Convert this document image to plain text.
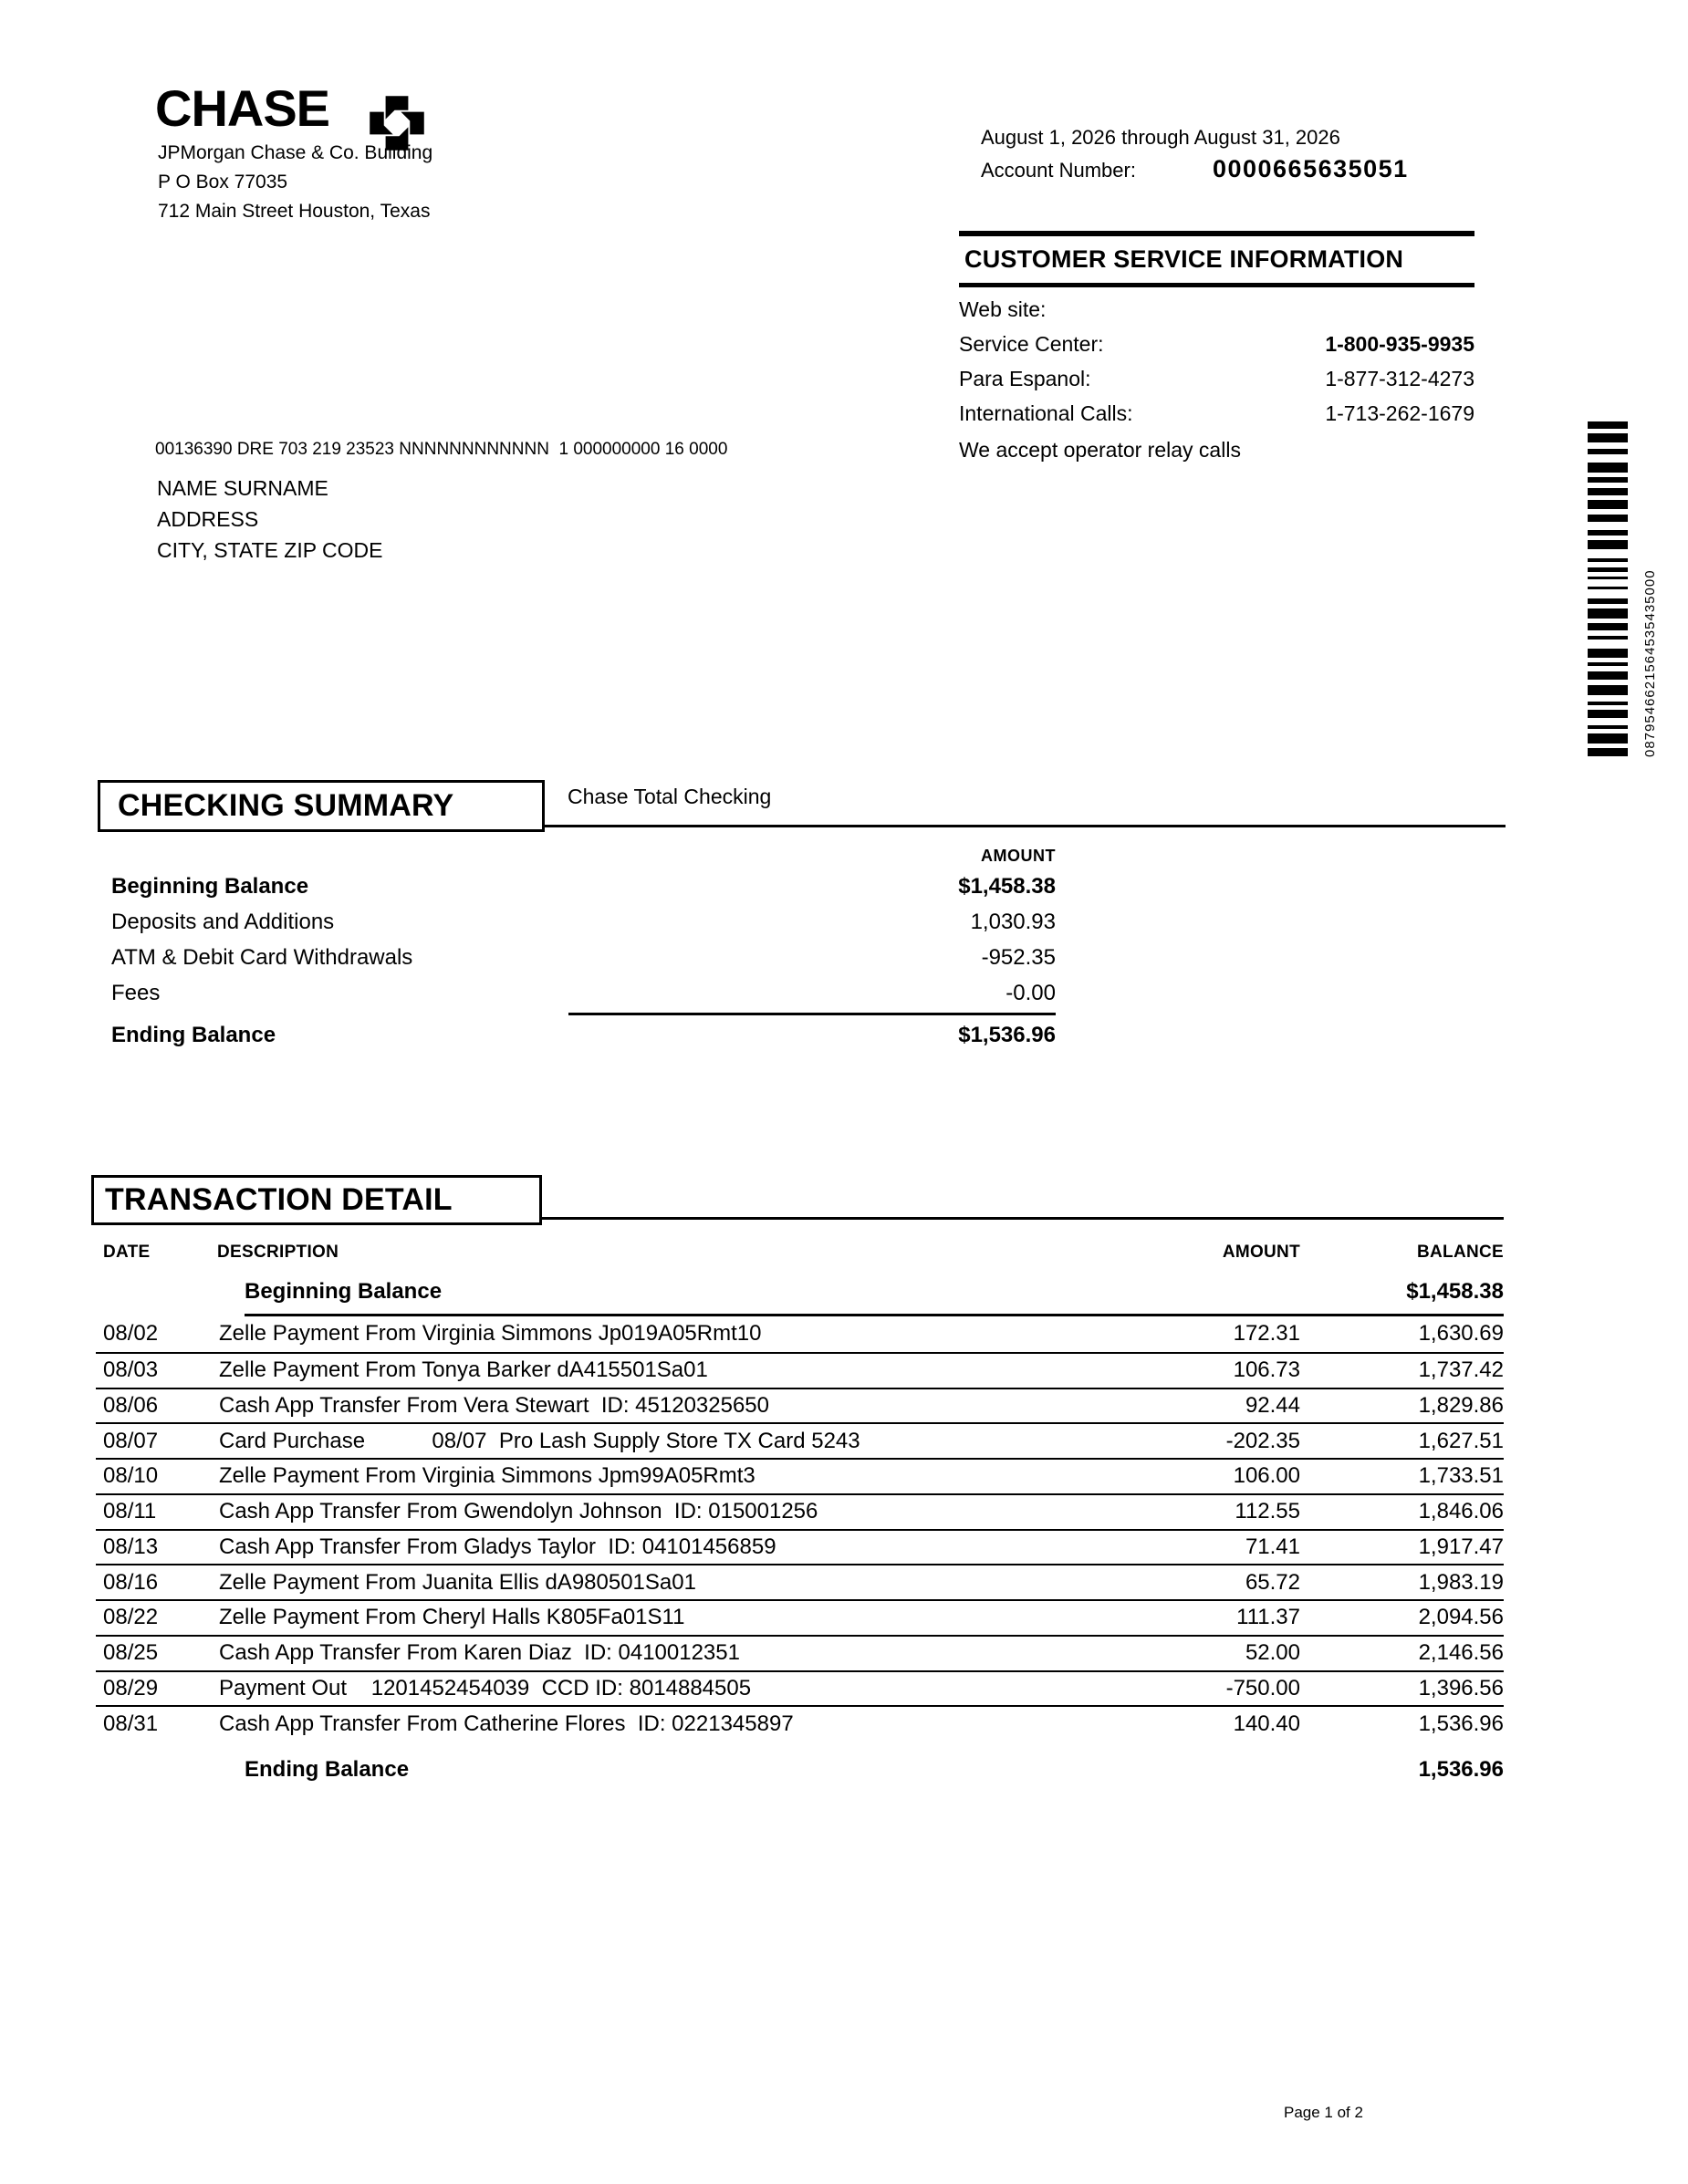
CHASE
JPMorgan Chase & Co. Building
P O Box 77035
712 Main Street Houston, Texas
August 1, 2026 through August 31, 2026
Account Number:	0000665635051
CUSTOMER SERVICE INFORMATION
Web site:
Service Center:	1-800-935-9935
Para Espanol:	1-877-312-4273
International Calls:	1-713-262-1679
We accept operator relay calls
00136390 DRE 703 219 23523 NNNNNNNNNNNN  1 000000000 16 0000
NAME SURNAME
ADDRESS
CITY, STATE ZIP CODE
0879546621564535435000
CHECKING SUMMARY	Chase Total Checking
AMOUNT
Beginning Balance	$1,458.38
Deposits and Additions	1,030.93
ATM & Debit Card Withdrawals	-952.35
Fees	-0.00
Ending Balance	$1,536.96
TRANSACTION DETAIL
DATE	DESCRIPTION	AMOUNT	BALANCE
Beginning Balance	$1,458.38
08/02	Zelle Payment From Virginia Simmons Jp019A05Rmt10	172.31	1,630.69
08/03	Zelle Payment From Tonya Barker dA415501Sa01	106.73	1,737.42
08/06	Cash App Transfer From Vera Stewart  ID: 45120325650	92.44	1,829.86
08/07	Card Purchase           08/07  Pro Lash Supply Store TX Card 5243	-202.35	1,627.51
08/10	Zelle Payment From Virginia Simmons Jpm99A05Rmt3	106.00	1,733.51
08/11	Cash App Transfer From Gwendolyn Johnson  ID: 015001256	112.55	1,846.06
08/13	Cash App Transfer From Gladys Taylor  ID: 04101456859	71.41	1,917.47
08/16	Zelle Payment From Juanita Ellis dA980501Sa01	65.72	1,983.19
08/22	Zelle Payment From Cheryl Halls K805Fa01S11	111.37	2,094.56
08/25	Cash App Transfer From Karen Diaz  ID: 0410012351	52.00	2,146.56
08/29	Payment Out    1201452454039  CCD ID: 8014884505	-750.00	1,396.56
08/31	Cash App Transfer From Catherine Flores  ID: 0221345897	140.40	1,536.96
Ending Balance	1,536.96
Page 1 of 2
